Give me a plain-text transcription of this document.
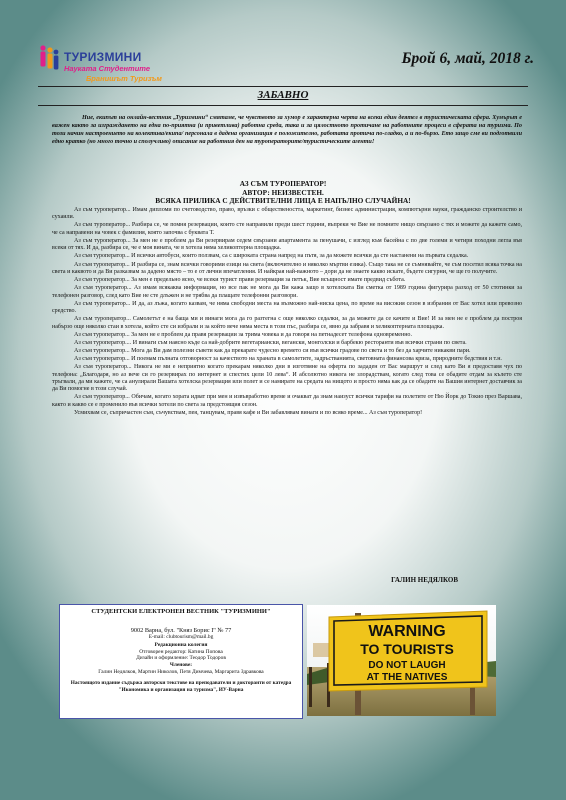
ТУРИЗМИНИ
Науката Студентите
Бранишът Туризъм
Брой 6, май, 2018 г.
ЗАБАВНО
Ние, екипът на онлайн-вестник „Туризмини“ смятаме, че чувството за хумор е характерна черта на всеки един деятел в туристическата сфера. Хумърът е важен както за изграждането на една по-приятна (и приветлива) работна среда, така и за цялостното протичане на работните процеси в сферата на туризма. По този начин настроението на колектива/екипа/ персонала в дадена организация е положително, работата протича по-гладко, а и по-бързо. Ето защо сме ви подготвили едно кратко (но много точно и сполучливо) описание на работния ден на туроператорите/туристическите агенти!
АЗ СЪМ ТУРОПЕРАТОР!
АВТОР: НЕИЗВЕСТЕН.
ВСЯКА ПРИЛИКА С ДЕЙСТВИТЕЛНИ ЛИЦА Е НАПЪЛНО СЛУЧАЙНА!

Аз съм туроператор... Имам дипломи по счетоводство, право, връзки с обществеността, маркетинг, бизнес администрация, компютърни науки, гражданско строителство и сухаили.

Аз съм туроператор... Разбира се, че помня резервации, които сте направили преди шест години, въпреки че Вие не помните нищо свързано с тях и можете да кажете само, че са направени на човек с фамилия, която започва с буквата Т.

Аз съм туроператор... За мен не е проблем да Ви резервирам седем свързани апартамента за пенушачи, с изглед към басейна с по две големи и четири походни легла във всеки от тях. И да, разбира се, че е моя вината, че в хотела няма хеликоптерна площадка.

Аз съм туроператор... И всички автобуси, които ползвам, са с широката страна напред на пътя, за да можете всички да сте настанени на първата седалка.

Аз съм туроператор... И разбира се, знам всички говорими езици на света (включително и няколко мъртви езика). Също така не се съмнявайте, че съм посетил всяка точка на света и каквото и да Ви разказвам за даденo място – то е от лични впечатления. И найкрая най-важното – дори да не знаете какво искате, бъдете сигурни, че ще го получите.

Аз съм туроператор... За мен е предельно ясно, че всеки турист прави резервация за петък, Вие всъщност имате предвид събота.

Аз съм туроператор... Аз имам всякаква информация, но все пак не мога да Ви кажа защо в хотелската Ви сметка от 1989 година фигурира разход от 50 стотинки за телефонен разговор, след като Вие не сте длъжен и не трябва да плащате телефонни разговори.

Аз съм туроператор... И да, аз лъжа, когато казвам, че няма свободни места на възможно най-ниска цена, по време на високия сезон в избрания от Вас хотел или превозно средство.

Аз съм туроператор... Самолетът е на баща ми и винаги мога да го разтегна с още няколко седалки, за да можете да се качите и Вие! И за мен не е проблем да построя набързо още няколко стаи в хотела, който сте си избрали и за който вече няма места в този пъс, разбира се, явно да забравя и хеликоптерната площадка.

Аз съм туроператор... За мен не е проблем да правя резервации за трима човека и да говоря на петнадесет телефона едновременно.

Аз съм туроператор.... И винаги съм наясно къде са най-добрите вегетариански, вегански, монголски и барбекю ресторанти във всички страни по света.

Аз съм туроператор... Мога да Ви дам полезни съвети как да прекарате чудесно времето си във всички градове по света и то без да харчите никакви пари.

Аз съм туроператор... И поемам пълната отговорност за качеството на храната в самолетите, задръстванията, световната финансова криза, природните бедствия и т.н.

Аз съм туроператор... Никога не ми е неприятно когато прекарам няколко дни в изготвяне на оферта по зададен от Вас маршрут и след като Ви я предоставя чух по телефона: „Благодаря, но аз вече си го резервирах по интернет и спестих цели 10 лева“. И абсолютно никога не злорадствам, когато след това се обадите отдам за кълето сте тръгвали, да ми кажете, че са анулирали Вашата хотелска резервация или полет и се намирате на средата на нищото и просто няма как да се обадите на Вашия интернет доставчик за да Ви помогне в този случай.

Аз съм туроператор... Обичам, когато хората идват при мен и извъвработно време и очакват да знам наизуст всички тарифи на полетите от Ню Йорк до Токио през Варшава, както и какво се е променило във всички хотели по света за предстоящия сезон.

Усмихвам се, съпричастен съм, съчувствам, пея, танцувам, правя кафе и Ви забавлявам винаги и по всяко време... Аз съм туроператор!

ГАЛИН НЕДЯЛКОВ
СТУДЕНТСКИ ЕЛЕКТРОНЕН ВЕСТНИК "ТУРИЗМИНИ"
9002 Варна, бул. "Княз Борис I" № 77
E-mail: clubtourism@mail.bg
Редакционна колегия
Отговорен редактор: Катина Попова
Дизайн и оформление: Теодор Тодоров
Членове:
Галин Недялков, Мартин Николов, Петя Димчева, Маргарита Здравкова
Настоящото издание съдържа авторски текстове на преподаватели и докторанти от катедра "Икономика и организация на туризма", ИУ-Варна
WARNING
TO TOURISTS
DO NOT LAUGH
AT THE NATIVES
